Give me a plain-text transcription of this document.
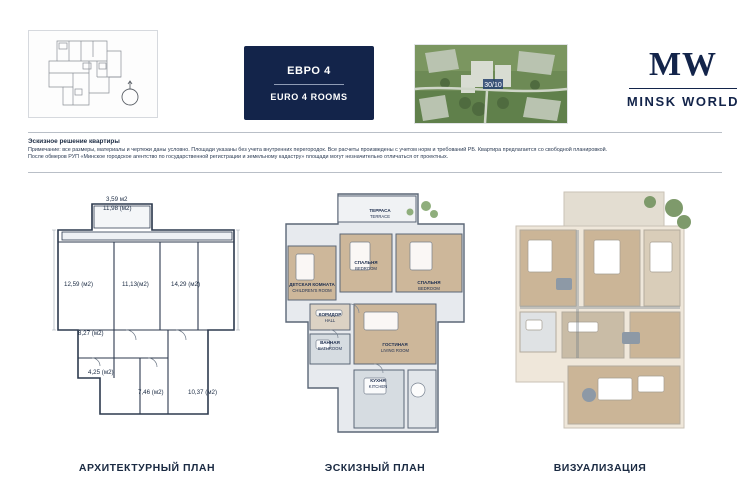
ЕВРО 4
EURO 4 ROOMS
30/10
MW
MINSK WORLD
Эскизное решение квартиры
Примечание: все размеры, материалы и чертежи даны условно. Площади указаны без учета внутренних перегородок. Все расчеты произведены с учетом норм и требований РБ. Квартира предлагается со свободной планировкой.
После обмеров РУП «Минское городское агентство по государственной регистрации и земельному кадастру» площади могут незначительно отличаться от проектных.
3,59 м2
11,98 (м2)
12,59 (м2)	11,13(м2)	14,29 (м2)
8,27 (м2)
4,25 (м2)
7,46 (м2)	10,37 (м2)
ТЕРРАСА
TERRACE
СПАЛЬНЯ
BEDROOM
СПАЛЬНЯ
BEDROOM
ДЕТСКАЯ КОМНАТА
CHILDREN'S ROOM
КОРИДОР
HALL
ГОСТИНАЯ
LIVING ROOM
ВАННАЯ
BATHROOM
КУХНЯ
KITCHEN
АРХИТЕКТУРНЫЙ ПЛАН	ЭСКИЗНЫЙ ПЛАН	ВИЗУАЛИЗАЦИЯ
